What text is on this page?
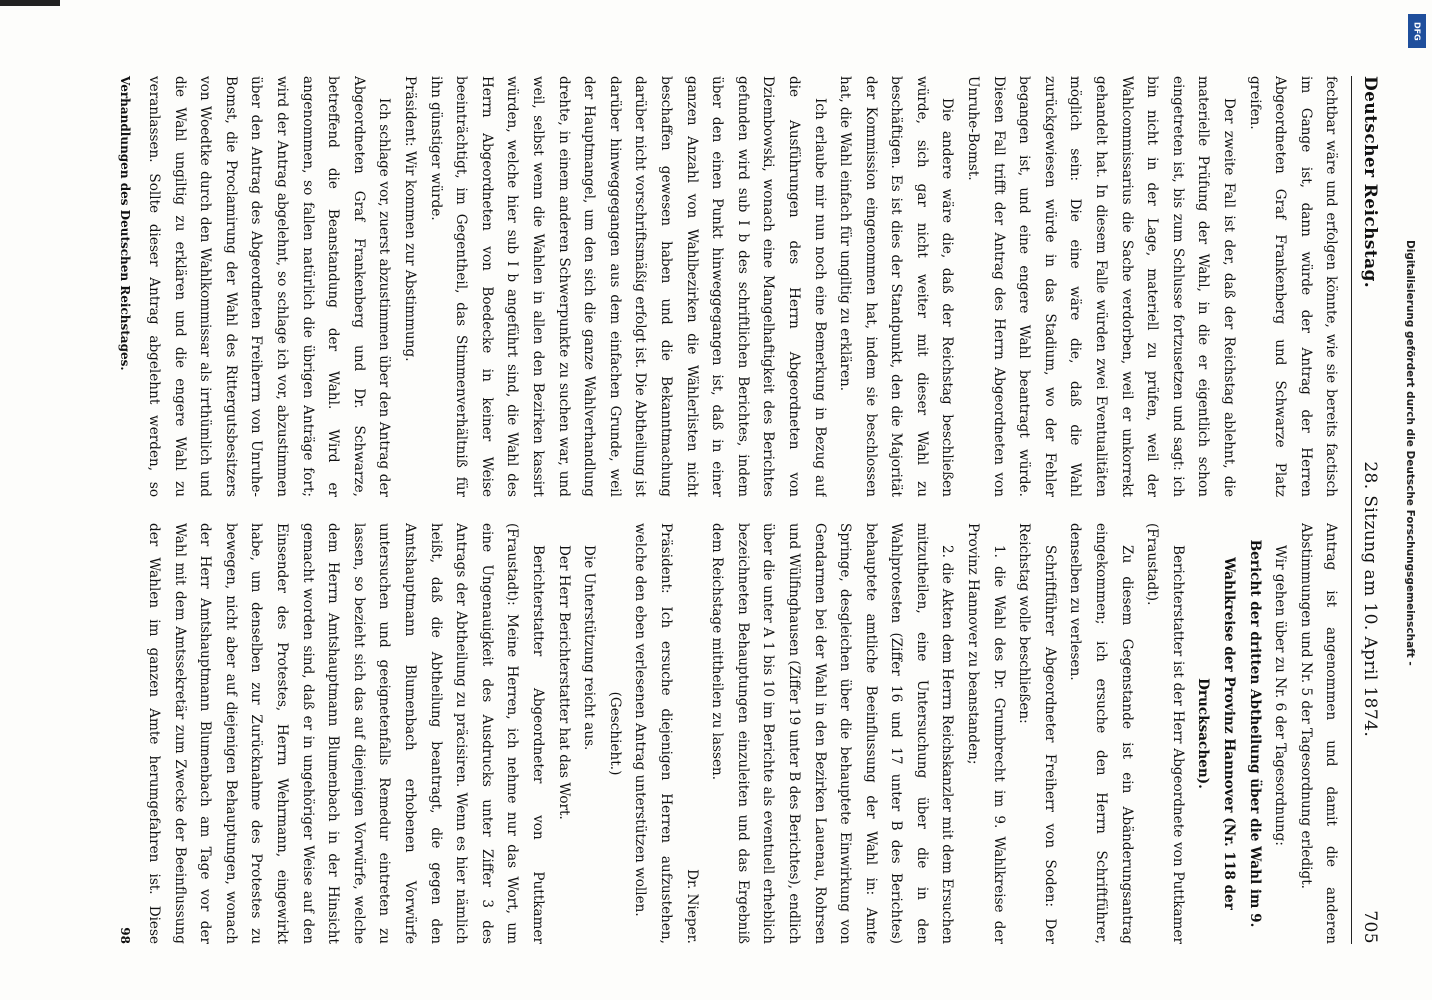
Deutscher Reichstag.
28. Sitzung am 10. April 1874.
705

fechtbar wäre und erfolgen könnte, wie sie bereits factisch im Gange ist, dann würde der Antrag der Herren Abgeordneten Graf Frankenberg und Schwarze Platz greifen.

Der zweite Fall ist der, daß der Reichstag ablehnt, die materielle Prüfung der Wahl, in die er eigentlich schon eingetreten ist, bis zum Schlusse fortzusetzen und sagt: ich bin nicht in der Lage, materiell zu prüfen, weil der Wahlcommissarius die Sache verdorben, weil er unkorrekt gehandelt hat. In diesem Falle würden zwei Eventualitäten möglich sein: Die eine wäre die, daß die Wahl zurückgewiesen würde in das Stadium, wo der Fehler begangen ist, und eine engere Wahl beantragt würde. Diesen Fall trifft der Antrag des Herrn Abgeordneten von Unruhe-Bomst.

Die andere wäre die, daß der Reichstag beschließen würde, sich gar nicht weiter mit dieser Wahl zu beschäftigen. Es ist dies der Standpunkt, den die Majorität der Kommission eingenommen hat, indem sie beschlossen hat, die Wahl einfach für ungiltig zu erklären.

Ich erlaube mir nun noch eine Bemerkung in Bezug auf die Ausführungen des Herrn Abgeordneten von Dziembowski, wonach eine Mangelhaftigkeit des Berichtes gefunden wird sub I b des schriftlichen Berichtes, indem über den einen Punkt hinweggegangen ist, daß in einer ganzen Anzahl von Wahlbezirken die Wählerlisten nicht beschaffen gewesen haben und die Bekanntmachung darüber nicht vorschriftsmäßig erfolgt ist. Die Abtheilung ist darüber hinweggegangen aus dem einfachen Grunde, weil der Hauptmangel, um den sich die ganze Wahlverhandlung drehte, in einem anderen Schwerpunkte zu suchen war, und weil, selbst wenn die Wahlen in allen den Bezirken kassirt würden, welche hier sub I b angeführt sind, die Wahl des Herrn Abgeordneten von Boedecke in keiner Weise beeinträchtigt, im Gegentheil, das Stimmenverhältniß für ihn günstiger würde.

Präsident: Wir kommen zur Abstimmung.

Ich schlage vor, zuerst abzustimmen über den Antrag der Abgeordneten Graf Frankenberg und Dr. Schwarze, betreffend die Beanstandung der Wahl. Wird er angenommen, so fallen natürlich die übrigen Anträge fort; wird der Antrag abgelehnt, so schlage ich vor, abzustimmen über den Antrag des Abgeordneten Freiherrn von Unruhe-Bomst, die Proclamirung der Wahl des Rittergutsbesitzers von Woedtke durch den Wahlkommissar als irrthümlich und die Wahl ungiltig zu erklären und die engere Wahl zu veranlassen. Sollte dieser Antrag abgelehnt werden, so

Antrag ist angenommen und damit die anderen Abstimmungen und Nr. 5 der Tagesordnung erledigt.

Wir gehen über zu Nr. 6 der Tagesordnung:

Bericht der dritten Abtheilung über die Wahl im 9. Wahlkreise der Provinz Hannover (Nr. 118 der Drucksachen).

Berichterstatter ist der Herr Abgeordnete von Puttkamer (Fraustadt).

Zu diesem Gegenstande ist ein Abänderungsantrag eingekommen; ich ersuche den Herrn Schriftführer, denselben zu verlesen.

Schriftführer Abgeordneter Freiherr von Soden: Der Reichstag wolle beschließen:

1. die Wahl des Dr. Grumbrecht im 9. Wahlkreise der Provinz Hannover zu beanstanden;

2. die Akten dem Herrn Reichskanzler mit dem Ersuchen mitzutheilen, eine Untersuchung über die in den Wahlprotesten (Ziffer 16 und 17 unter B des Berichtes) behauptete amtliche Beeinflussung der Wahl in: Amte Springe, desgleichen über die behauptete Einwirkung von Gendarmen bei der Wahl in den Bezirken Lauenau, Rohrsen und Wülfinghausen (Ziffer 19 unter B des Berichtes), endlich über die unter A 1 bis 10 im Berichte als eventuell erheblich bezeichneten Behauptungen einzuleiten und das Ergebniß dem Reichstage mittheilen zu lassen.

Dr. Nieper.

Präsident: Ich ersuche diejenigen Herren aufzustehen, welche den eben verlesenen Antrag unterstützen wollen.

(Geschieht.)

Die Unterstützung reicht aus.

Der Herr Berichterstatter hat das Wort.

Berichterstatter Abgeordneter von Puttkamer (Fraustadt): Meine Herren, ich nehme nur das Wort, um eine Ungenauigkeit des Ausdrucks unter Ziffer 3 des Antrags der Abtheilung zu präcisiren. Wenn es hier nämlich heißt, daß die Abtheilung beantragt, die gegen den Amtshauptmann Blumenbach erhobenen Vorwürfe untersuchen und geeignetenfalls Remedur eintreten zu lassen, so bezieht sich das auf diejenigen Vorwürfe, welche dem Herrn Amtshauptmann Blumenbach in der Hinsicht gemacht worden sind, daß er in ungehöriger Weise auf den Einsender des Protestes, Herrn Wehrmann, eingewirkt habe, um denselben zur Zurücknahme des Protestes zu bewegen, nicht aber auf diejenigen Behauptungen, wonach der Herr Amtshauptmann Blumenbach am Tage vor der Wahl mit dem Amtssekretär zum Zwecke der Beeinflussung der Wahlen im ganzen Amte herumgefahren ist. Diese

Verhandlungen des Deutschen Reichstages.
98
Digitalisierung gefördert durch die Deutsche Forschungsgemeinschaft -
DFG
